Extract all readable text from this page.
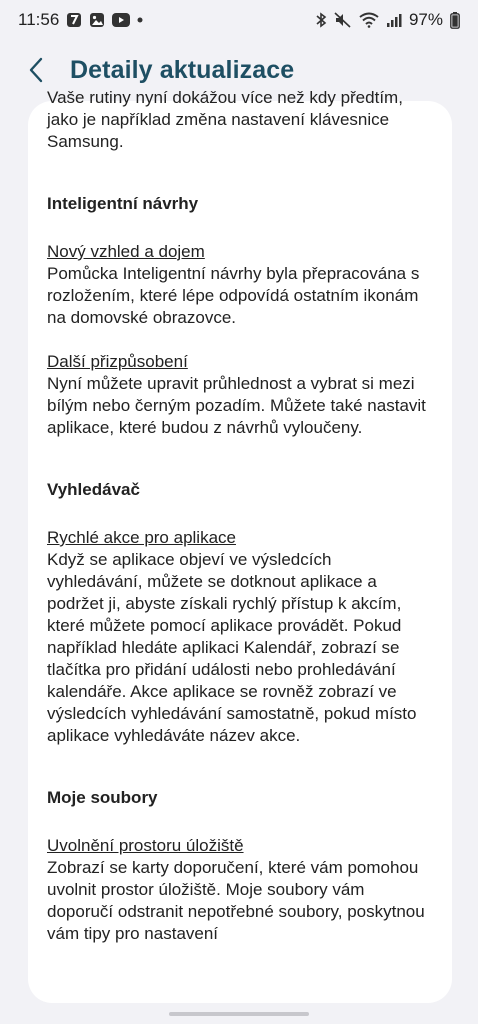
11:56	97%
Detaily aktualizace

Vaše rutiny nyní dokážou více než kdy předtím, jako je například změna nastavení klávesnice Samsung.

Inteligentní návrhy

Nový vzhled a dojem

Pomůcka Inteligentní návrhy byla přepracována s rozložením, které lépe odpovídá ostatním ikonám na domovské obrazovce.

Další přizpůsobení

Nyní můžete upravit průhlednost a vybrat si mezi bílým nebo černým pozadím. Můžete také nastavit aplikace, které budou z návrhů vyloučeny.

Vyhledávač

Rychlé akce pro aplikace

Když se aplikace objeví ve výsledcích vyhledávání, můžete se dotknout aplikace a podržet ji, abyste získali rychlý přístup k akcím, které můžete pomocí aplikace provádět. Pokud například hledáte aplikaci Kalendář, zobrazí se tlačítka pro přidání události nebo prohledávání kalendáře. Akce aplikace se rovněž zobrazí ve výsledcích vyhledávání samostatně, pokud místo aplikace vyhledáváte název akce.

Moje soubory

Uvolnění prostoru úložiště

Zobrazí se karty doporučení, které vám pomohou uvolnit prostor úložiště. Moje soubory vám doporučí odstranit nepotřebné soubory, poskytnou vám tipy pro nastavení
